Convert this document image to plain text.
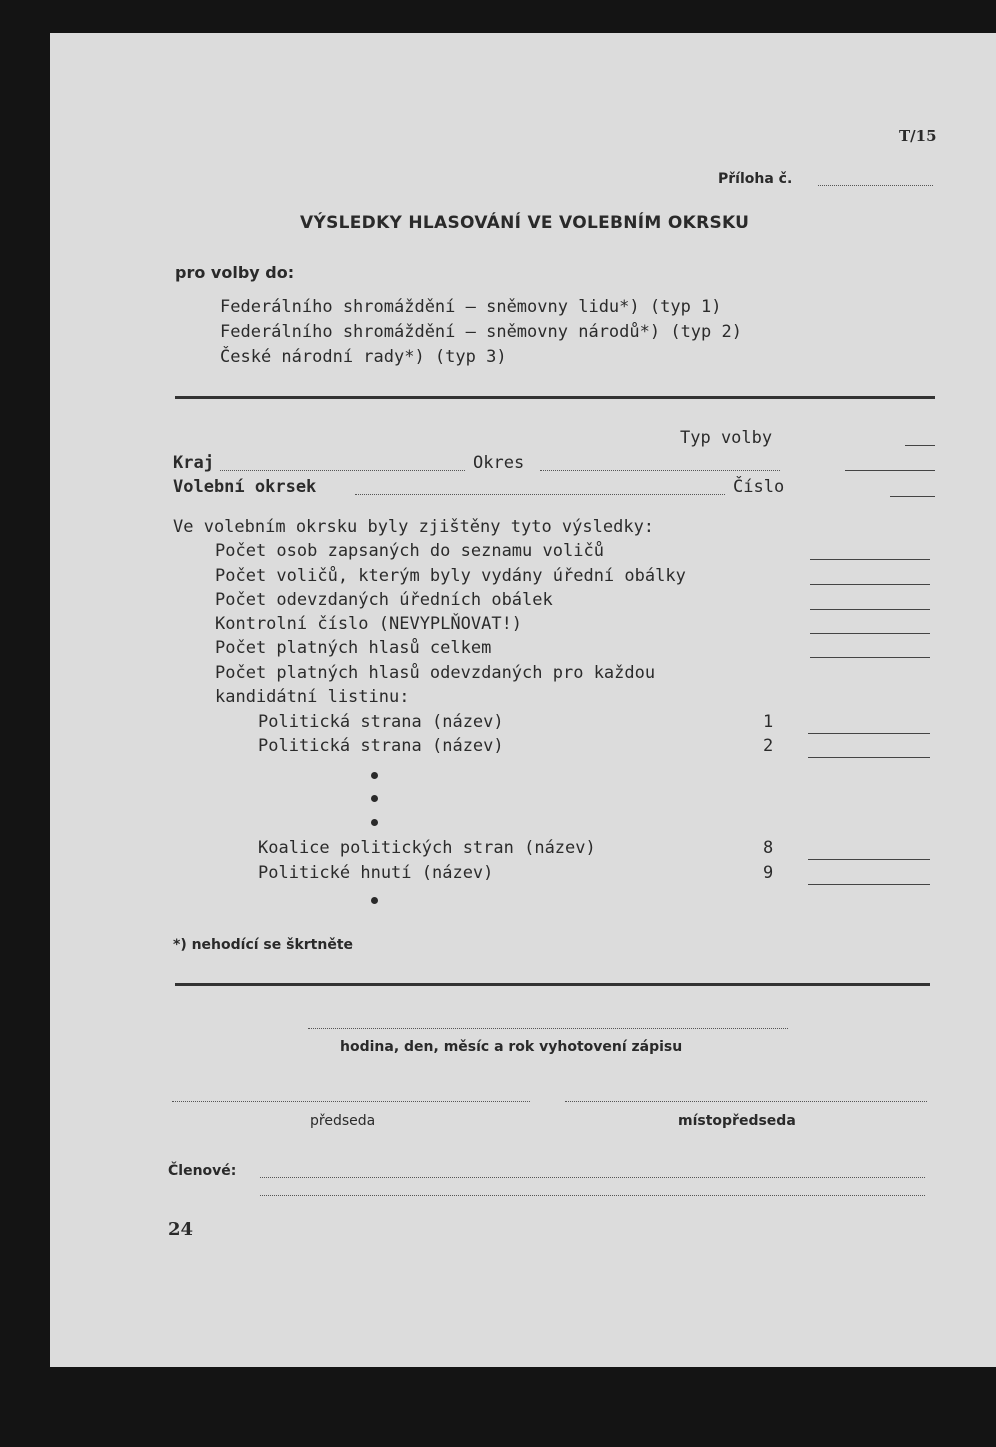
T/15
Příloha č.
VÝSLEDKY HLASOVÁNÍ VE VOLEBNÍM OKRSKU
pro volby do:
Federálního shromáždění — sněmovny lidu*) (typ 1)
Federálního shromáždění — sněmovny národů*) (typ 2)
České národní rady*) (typ 3)
Typ volby
Kraj	Okres
Volební okrsek	Číslo
Ve volebním okrsku byly zjištěny tyto výsledky:
Počet osob zapsaných do seznamu voličů
Počet voličů, kterým byly vydány úřední obálky
Počet odevzdaných úředních obálek
Kontrolní číslo (NEVYPLŇOVAT!)
Počet platných hlasů celkem
Počet platných hlasů odevzdaných pro každou
kandidátní listinu:
Politická strana (název)	1
Politická strana (název)	2
Koalice politických stran (název)	8
Politické hnutí (název)	9
*) nehodící se škrtněte
hodina, den, měsíc a rok vyhotovení zápisu
předseda	místopředseda
Členové:
24
